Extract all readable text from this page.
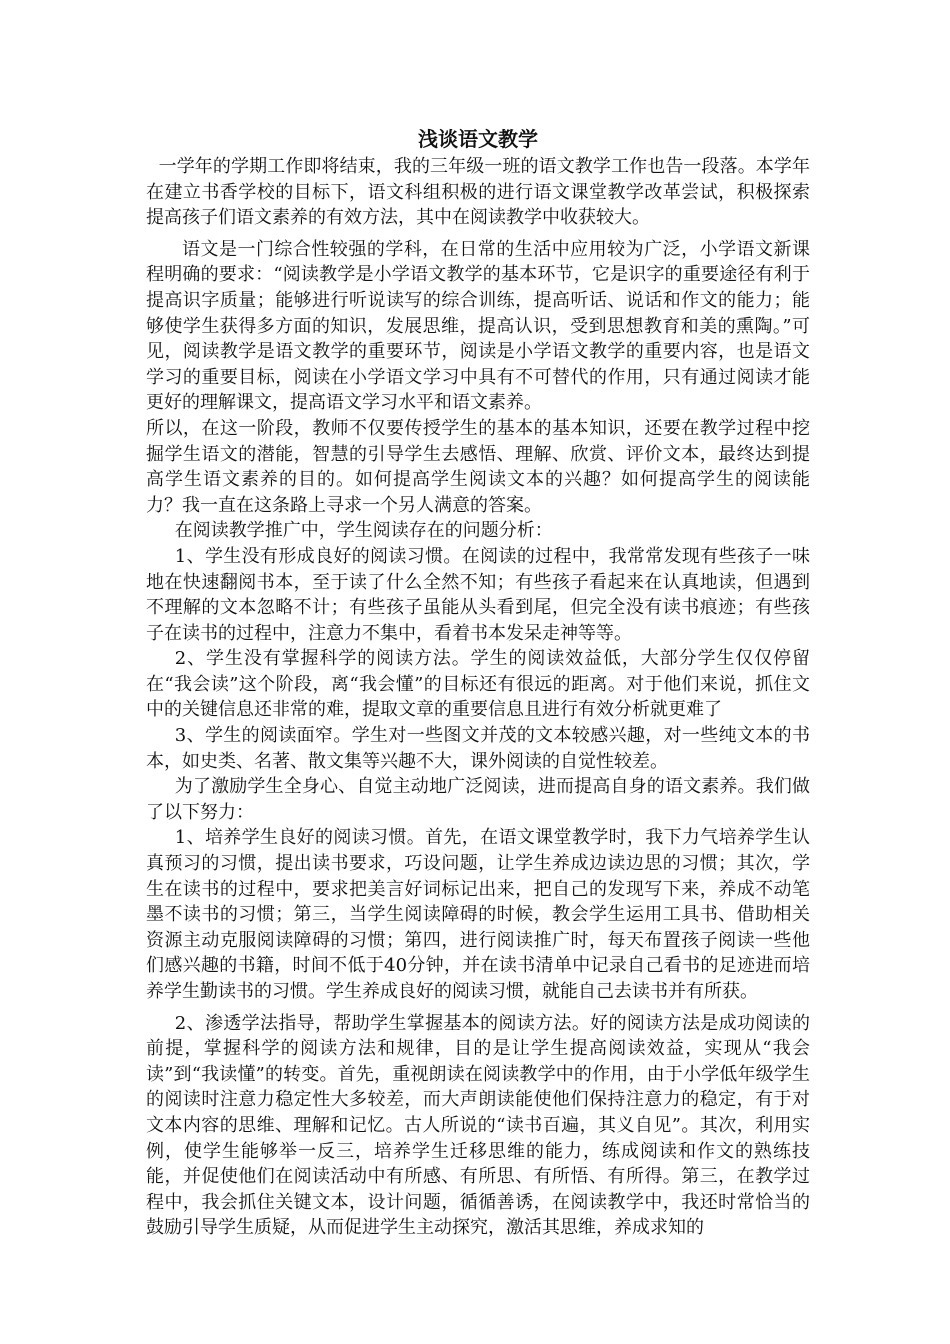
浅谈语文教学

一学年的学期工作即将结束，我的三年级一班的语文教学工作也告一段落。本学年在建立书香学校的目标下，语文科组积极的进行语文课堂教学改革尝试，积极探索提高孩子们语文素养的有效方法，其中在阅读教学中收获较大。

语文是一门综合性较强的学科，在日常的生活中应用较为广泛，小学语文新课程明确的要求：“阅读教学是小学语文教学的基本环节，它是识字的重要途径有利于提高识字质量；能够进行听说读写的综合训练，提高听话、说话和作文的能力；能够使学生获得多方面的知识，发展思维，提高认识，受到思想教育和美的熏陶。”可见，阅读教学是语文教学的重要环节，阅读是小学语文教学的重要内容，也是语文学习的重要目标，阅读在小学语文学习中具有不可替代的作用，只有通过阅读才能更好的理解课文，提高语文学习水平和语文素养。

所以，在这一阶段，教师不仅要传授学生的基本的基本知识，还要在教学过程中挖掘学生语文的潜能，智慧的引导学生去感悟、理解、欣赏、评价文本，最终达到提高学生语文素养的目的。如何提高学生阅读文本的兴趣？如何提高学生的阅读能力？我一直在这条路上寻求一个另人满意的答案。

在阅读教学推广中，学生阅读存在的问题分析：

1、学生没有形成良好的阅读习惯。在阅读的过程中，我常常发现有些孩子一味地在快速翻阅书本，至于读了什么全然不知；有些孩子看起来在认真地读，但遇到不理解的文本忽略不计；有些孩子虽能从头看到尾，但完全没有读书痕迹；有些孩子在读书的过程中，注意力不集中，看着书本发呆走神等等。

2、学生没有掌握科学的阅读方法。学生的阅读效益低，大部分学生仅仅停留在“我会读”这个阶段，离“我会懂”的目标还有很远的距离。对于他们来说，抓住文中的关键信息还非常的难，提取文章的重要信息且进行有效分析就更难了

3、学生的阅读面窄。学生对一些图文并茂的文本较感兴趣，对一些纯文本的书本，如史类、名著、散文集等兴趣不大，课外阅读的自觉性较差。

为了激励学生全身心、自觉主动地广泛阅读，进而提高自身的语文素养。我们做了以下努力：

1、培养学生良好的阅读习惯。首先，在语文课堂教学时，我下力气培养学生认真预习的习惯，提出读书要求，巧设问题，让学生养成边读边思的习惯；其次，学生在读书的过程中，要求把美言好词标记出来，把自己的发现写下来，养成不动笔墨不读书的习惯；第三，当学生阅读障碍的时候，教会学生运用工具书、借助相关资源主动克服阅读障碍的习惯；第四，进行阅读推广时，每天布置孩子阅读一些他们感兴趣的书籍，时间不低于40分钟，并在读书清单中记录自己看书的足迹进而培养学生勤读书的习惯。学生养成良好的阅读习惯，就能自己去读书并有所获。

2、渗透学法指导，帮助学生掌握基本的阅读方法。好的阅读方法是成功阅读的前提，掌握科学的阅读方法和规律，目的是让学生提高阅读效益，实现从“我会读”到“我读懂”的转变。首先，重视朗读在阅读教学中的作用，由于小学低年级学生的阅读时注意力稳定性大多较差，而大声朗读能使他们保持注意力的稳定，有于对文本内容的思维、理解和记忆。古人所说的“读书百遍，其义自见”。其次，利用实例，使学生能够举一反三，培养学生迁移思维的能力，练成阅读和作文的熟练技能，并促使他们在阅读活动中有所感、有所思、有所悟、有所得。第三，在教学过程中，我会抓住关键文本，设计问题，循循善诱，在阅读教学中，我还时常恰当的鼓励引导学生质疑，从而促进学生主动探究，激活其思维，养成求知的
